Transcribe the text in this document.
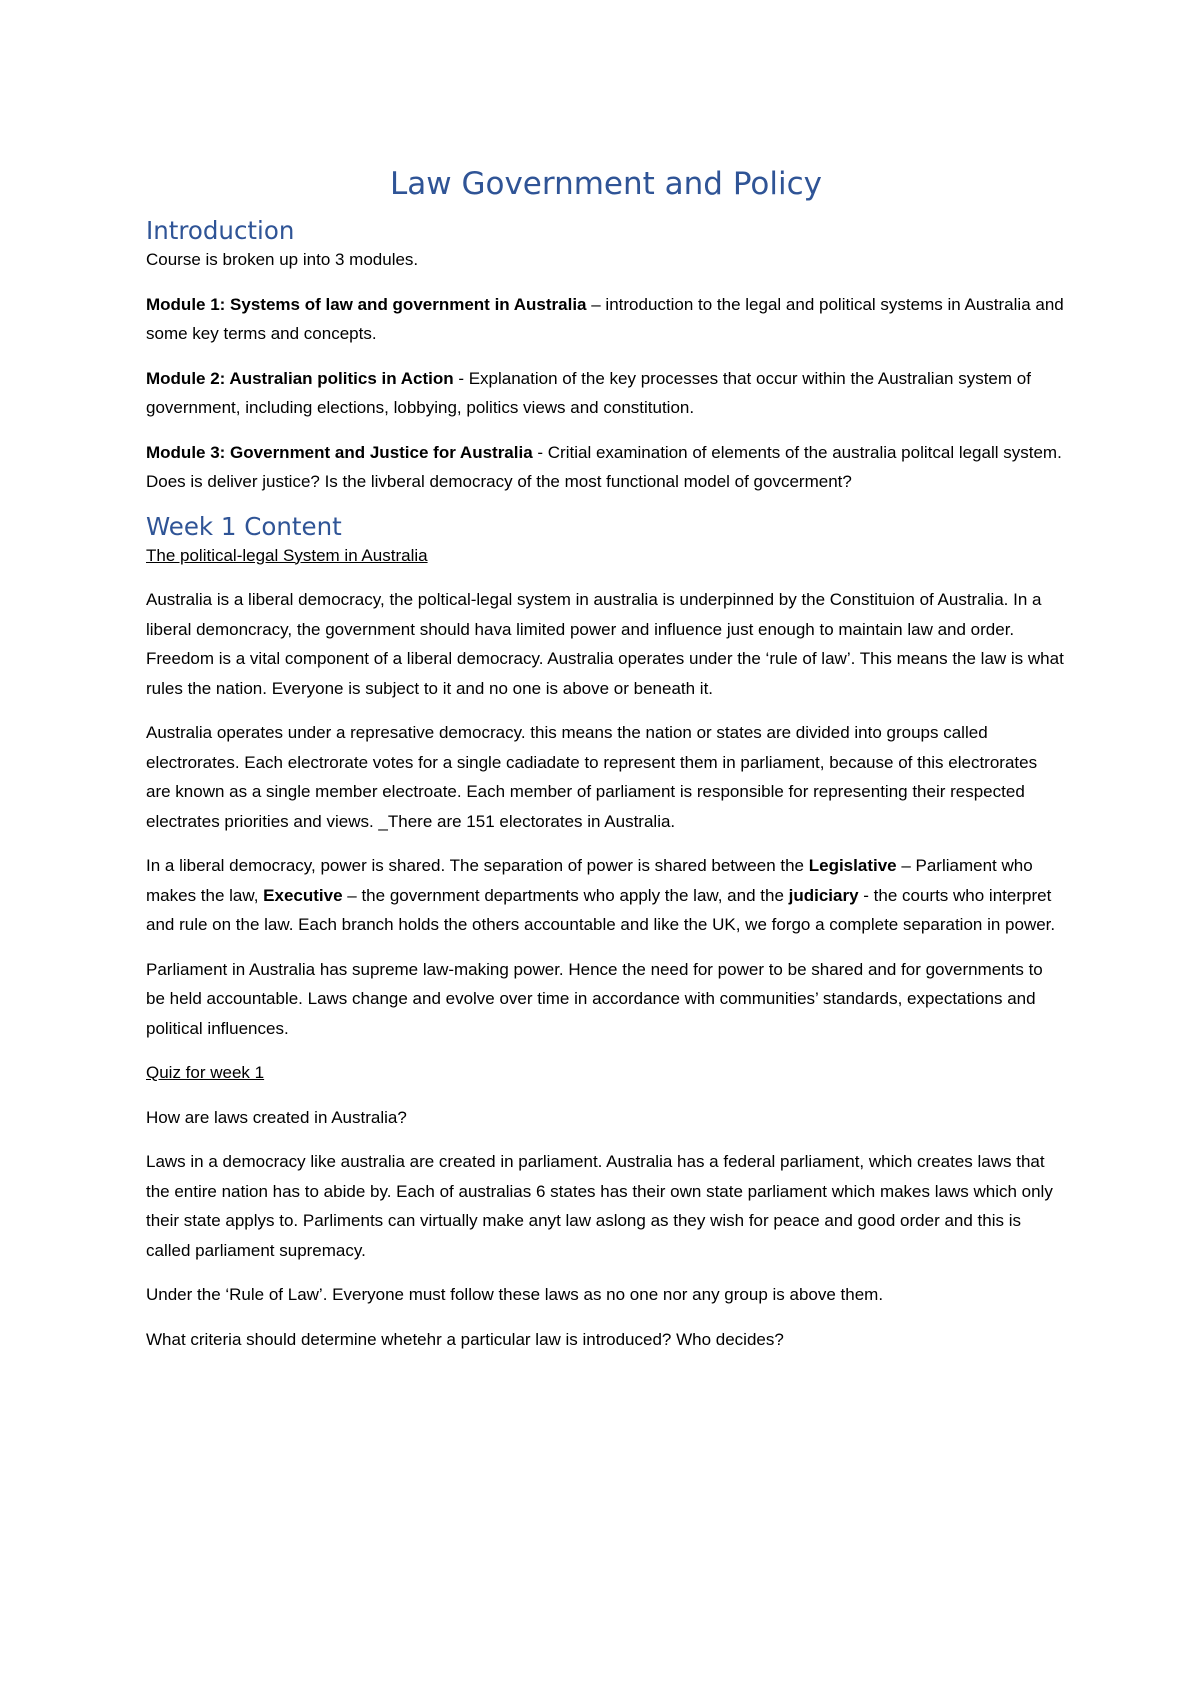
Law Government and Policy
Introduction

Course is broken up into 3 modules.

Module 1: Systems of law and government in Australia – introduction to the legal and political systems in Australia and some key terms and concepts.

Module 2: Australian politics in Action - Explanation of the key processes that occur within the Australian system of government, including elections, lobbying, politics views and constitution.

Module 3: Government and Justice for Australia - Critial examination of elements of the australia politcal legall system. Does is deliver justice? Is the livberal democracy of the most functional model of govcerment?

Week 1 Content

The political-legal System in Australia

Australia is a liberal democracy, the poltical-legal system in australia is underpinned by the Constituion of Australia. In a liberal demoncracy, the government should hava limited power and influence just enough to maintain law and order. Freedom is a vital component of a liberal democracy. Australia operates under the ‘rule of law’. This means the law is what rules the nation. Everyone is subject to it and no one is above or beneath it.

Australia operates under a represative democracy. this means the nation or states are divided into groups called electrorates. Each electrorate votes for a single cadiadate to represent them in parliament, because of this electrorates are known as a single member electroate. Each member of parliament is responsible for representing their respected electrates priorities and views. _There are 151 electorates in Australia.

In a liberal democracy, power is shared. The separation of power is shared between the Legislative – Parliament who makes the law, Executive – the government departments who apply the law, and the judiciary - the courts who interpret and rule on the law. Each branch holds the others accountable and like the UK, we forgo a complete separation in power.

Parliament in Australia has supreme law-making power. Hence the need for power to be shared and for governments to be held accountable. Laws change and evolve over time in accordance with communities’ standards, expectations and political influences.

Quiz for week 1

How are laws created in Australia?

Laws in a democracy like australia are created in parliament. Australia has a federal parliament, which creates laws that the entire nation has to abide by. Each of australias 6 states has their own state parliament which makes laws which only their state applys to. Parliments can virtually make anyt law aslong as they wish for peace and good order and this is called parliament supremacy.

Under the ‘Rule of Law’. Everyone must follow these laws as no one nor any group is above them.

What criteria should determine whetehr a particular law is introduced? Who decides?
